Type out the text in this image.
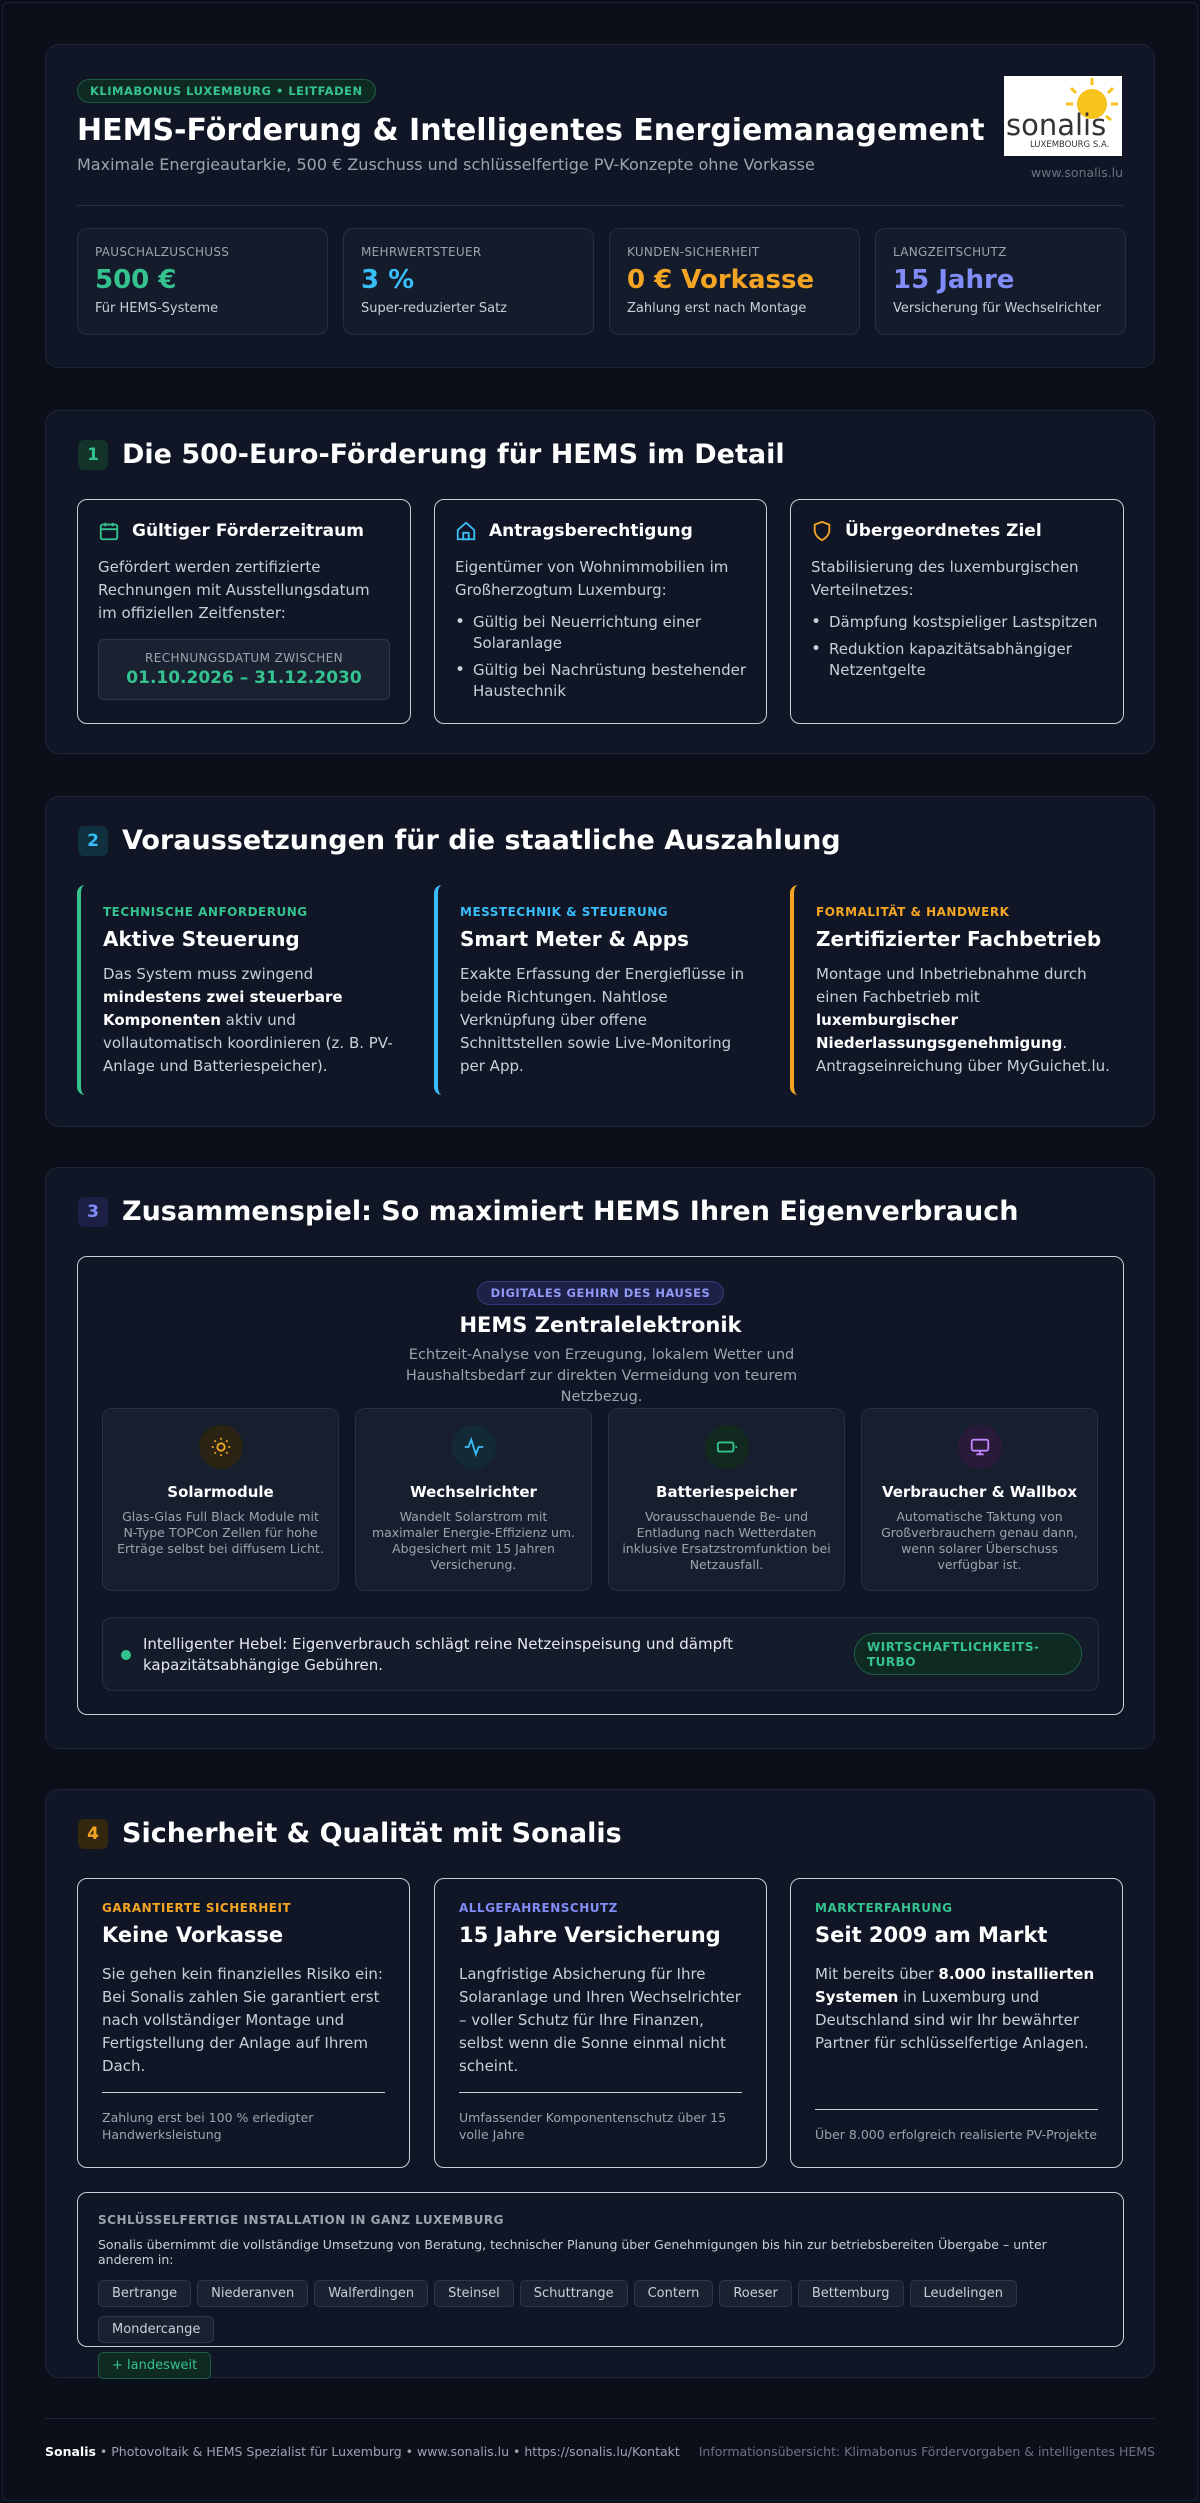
KLIMABONUS LUXEMBURG • LEITFADEN
HEMS-Förderung & Intelligentes Energiemanagement
Maximale Energieautarkie, 500 € Zuschuss und schlüsselfertige PV-Konzepte ohne Vorkasse
sonalis
LUXEMBOURG S.A.
www.sonalis.lu
PAUSCHALZUSCHUSS
500 €
Für HEMS-Systeme
MEHRWERTSTEUER
3 %
Super-reduzierter Satz
KUNDEN-SICHERHEIT
0 € Vorkasse
Zahlung erst nach Montage
LANGZEITSCHUTZ
15 Jahre
Versicherung für Wechselrichter
1 Die 500-Euro-Förderung für HEMS im Detail
Gültiger Förderzeitraum
Gefördert werden zertifizierte Rechnungen mit Ausstellungsdatum im offiziellen Zeitfenster:
RECHNUNGSDATUM ZWISCHEN
01.10.2026 – 31.12.2030
Antragsberechtigung
Eigentümer von Wohnimmobilien im Großherzogtum Luxemburg:
• Gültig bei Neuerrichtung einer Solaranlage
• Gültig bei Nachrüstung bestehender Haustechnik
Übergeordnetes Ziel
Stabilisierung des luxemburgischen Verteilnetzes:
• Dämpfung kostspieliger Lastspitzen
• Reduktion kapazitätsabhängiger Netzentgelte
2 Voraussetzungen für die staatliche Auszahlung
TECHNISCHE ANFORDERUNG
Aktive Steuerung
Das System muss zwingend mindestens zwei steuerbare Komponenten aktiv und vollautomatisch koordinieren (z. B. PV-Anlage und Batteriespeicher).
MESSTECHNIK & STEUERUNG
Smart Meter & Apps
Exakte Erfassung der Energieflüsse in beide Richtungen. Nahtlose Verknüpfung über offene Schnittstellen sowie Live-Monitoring per App.
FORMALITÄT & HANDWERK
Zertifizierter Fachbetrieb
Montage und Inbetriebnahme durch einen Fachbetrieb mit luxemburgischer Niederlassungsgenehmigung. Antragseinreichung über MyGuichet.lu.
3 Zusammenspiel: So maximiert HEMS Ihren Eigenverbrauch
DIGITALES GEHIRN DES HAUSES
HEMS Zentralelektronik
Echtzeit-Analyse von Erzeugung, lokalem Wetter und Haushaltsbedarf zur direkten Vermeidung von teurem Netzbezug.
Solarmodule
Glas-Glas Full Black Module mit N-Type TOPCon Zellen für hohe Erträge selbst bei diffusem Licht.
Wechselrichter
Wandelt Solarstrom mit maximaler Energie-Effizienz um. Abgesichert mit 15 Jahren Versicherung.
Batteriespeicher
Vorausschauende Be- und Entladung nach Wetterdaten inklusive Ersatzstromfunktion bei Netzausfall.
Verbraucher & Wallbox
Automatische Taktung von Großverbrauchern genau dann, wenn solarer Überschuss verfügbar ist.
Intelligenter Hebel: Eigenverbrauch schlägt reine Netzeinspeisung und dämpft kapazitätsabhängige Gebühren.
WIRTSCHAFTLICHKEITS-TURBO
4 Sicherheit & Qualität mit Sonalis
GARANTIERTE SICHERHEIT
Keine Vorkasse
Sie gehen kein finanzielles Risiko ein: Bei Sonalis zahlen Sie garantiert erst nach vollständiger Montage und Fertigstellung der Anlage auf Ihrem Dach.
Zahlung erst bei 100 % erledigter Handwerksleistung
ALLGEFAHRENSCHUTZ
15 Jahre Versicherung
Langfristige Absicherung für Ihre Solaranlage und Ihren Wechselrichter – voller Schutz für Ihre Finanzen, selbst wenn die Sonne einmal nicht scheint.
Umfassender Komponentenschutz über 15 volle Jahre
MARKTERFAHRUNG
Seit 2009 am Markt
Mit bereits über 8.000 installierten Systemen in Luxemburg und Deutschland sind wir Ihr bewährter Partner für schlüsselfertige Anlagen.
Über 8.000 erfolgreich realisierte PV-Projekte
SCHLÜSSELFERTIGE INSTALLATION IN GANZ LUXEMBURG
Sonalis übernimmt die vollständige Umsetzung von Beratung, technischer Planung über Genehmigungen bis hin zur betriebsbereiten Übergabe – unter anderem in:
Bertrange	Niederanven	Walferdingen	Steinsel	Schuttrange	Contern	Roeser	Bettemburg	LeudelingenMondercange
+ landesweit
Sonalis • Photovoltaik & HEMS Spezialist für Luxemburg • www.sonalis.lu • https://sonalis.lu/Kontakt Informationsübersicht: Klimabonus Fördervorgaben & intelligentes HEMS
